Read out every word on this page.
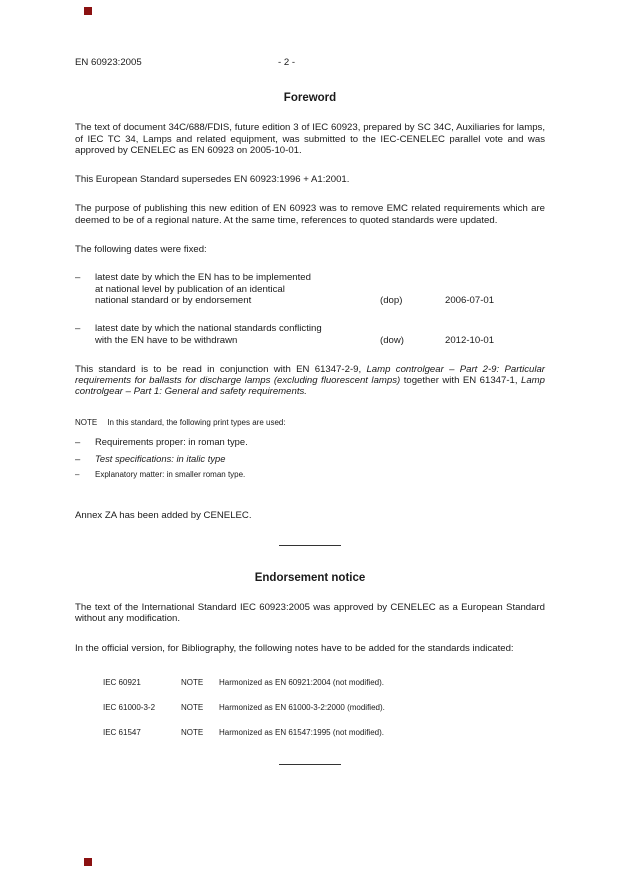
EN 60923:2005	- 2 -
Foreword

The text of document 34C/688/FDIS, future edition 3 of IEC 60923, prepared by SC 34C, Auxiliaries for lamps, of IEC TC 34, Lamps and related equipment, was submitted to the IEC-CENELEC parallel vote and was approved by CENELEC as EN 60923 on 2005-10-01.

This European Standard supersedes EN 60923:1996 + A1:2001.

The purpose of publishing this new edition of EN 60923 was to remove EMC related requirements which are deemed to be of a regional nature. At the same time, references to quoted standards were updated.

The following dates were fixed:

–	latest date by which the EN has to be implemented
at national level by publication of an identical
national standard or by endorsement	(dop)	2006-07-01
–	latest date by which the national standards conflicting
with the EN have to be withdrawn	(dow)	2012-10-01

This standard is to be read in conjunction with EN 61347-2-9, Lamp controlgear – Part 2-9: Particular requirements for ballasts for discharge lamps (excluding fluorescent lamps) together with EN 61347-1, Lamp controlgear – Part 1: General and safety requirements.

NOTE In this standard, the following print types are used:

–	Requirements proper: in roman type.
–	Test specifications: in italic type
–	Explanatory matter: in smaller roman type.

Annex ZA has been added by CENELEC.

Endorsement notice

The text of the International Standard IEC 60923:2005 was approved by CENELEC as a European Standard without any modification.

In the official version, for Bibliography, the following notes have to be added for the standards indicated:

IEC 60921	NOTE	Harmonized as EN 60921:2004 (not modified).
IEC 61000-3-2	NOTE	Harmonized as EN 61000-3-2:2000 (modified).
IEC 61547	NOTE	Harmonized as EN 61547:1995 (not modified).
